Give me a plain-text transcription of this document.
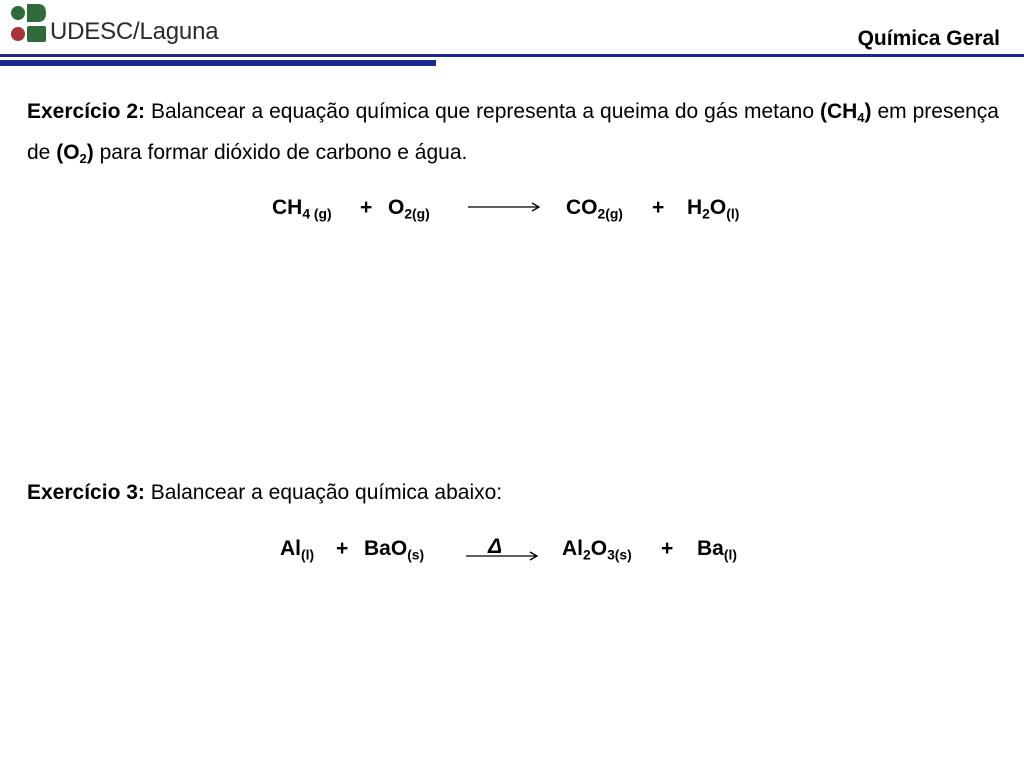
UDESC/Laguna	Química Geral
Exercício 2: Balancear a equação química que representa a queima do gás metano $(CH_4)$ em presença de $(O_2)$ para formar dióxido de carbono e água.
$CH_4$ $_{(g)} + O_{2(g)}$	$CO_{2(g)} + H_2O_{(l)}$
Exercício 3: Balancear a equação química abaixo:
$Al_{(l)} + BaO_{(s)}$	Δ	$Al_2O_{3(s)} + Ba_{(l)}$
